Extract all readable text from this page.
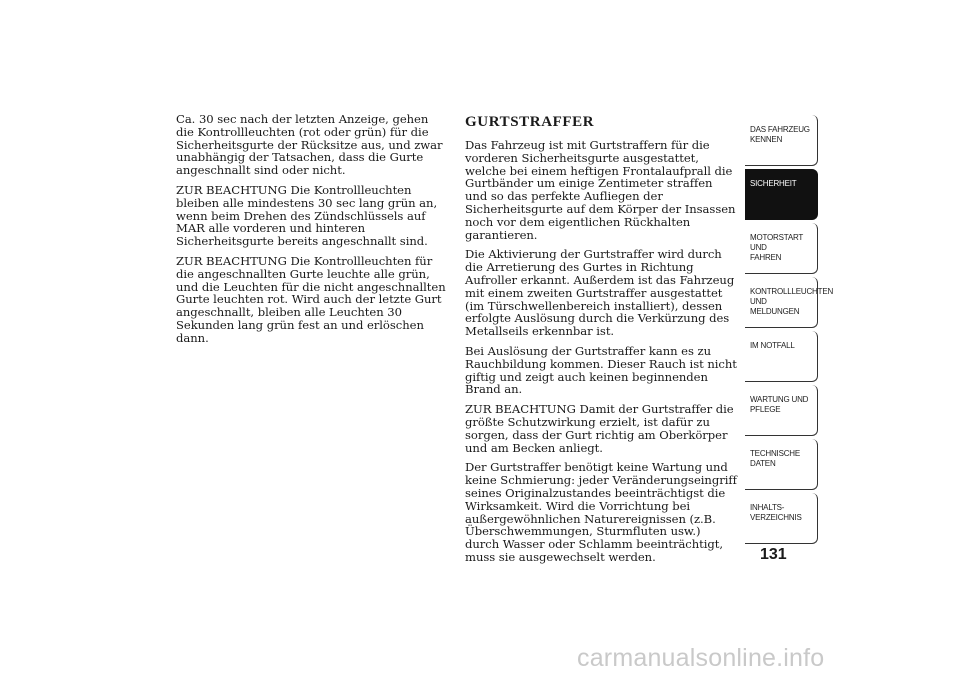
Ca. 30 sec nach der letzten Anzeige, gehen die Kontrollleuchten (rot oder grün) für die Sicherheitsgurte der Rücksitze aus, und zwar unabhängig der Tatsachen, dass die Gurte angeschnallt sind oder nicht.

ZUR BEACHTUNG Die Kontrollleuchten bleiben alle mindestens 30 sec lang grün an, wenn beim Drehen des Zündschlüssels auf MAR alle vorderen und hinteren Sicherheitsgurte bereits angeschnallt sind.

ZUR BEACHTUNG Die Kontrollleuchten für die angeschnallten Gurte leuchte alle grün, und die Leuchten für die nicht angeschnallten Gurte leuchten rot. Wird auch der letzte Gurt angeschnallt, bleiben alle Leuchten 30 Sekunden lang grün fest an und erlöschen dann.

GURTSTRAFFER

Das Fahrzeug ist mit Gurtstraffern für die vorderen Sicherheitsgurte ausgestattet, welche bei einem heftigen Frontalaufprall die Gurtbänder um einige Zentimeter straffen und so das perfekte Aufliegen der Sicherheitsgurte auf dem Körper der Insassen noch vor dem eigentlichen Rückhalten garantieren.

Die Aktivierung der Gurtstraffer wird durch die Arretierung des Gurtes in Richtung Aufroller erkannt. Außerdem ist das Fahrzeug mit einem zweiten Gurtstraffer ausgestattet (im Türschwellenbereich installiert), dessen erfolgte Auslösung durch die Verkürzung des Metallseils erkennbar ist.

Bei Auslösung der Gurtstraffer kann es zu Rauchbildung kommen. Dieser Rauch ist nicht giftig und zeigt auch keinen beginnenden Brand an.

ZUR BEACHTUNG Damit der Gurtstraffer die größte Schutzwirkung erzielt, ist dafür zu sorgen, dass der Gurt richtig am Oberkörper und am Becken anliegt.

Der Gurtstraffer benötigt keine Wartung und keine Schmierung: jeder Veränderungseingriff seines Originalzustandes beeinträchtigst die Wirksamkeit. Wird die Vorrichtung bei außergewöhnlichen Naturereignissen (z.B. Überschwemmungen, Sturmfluten usw.) durch Wasser oder Schlamm beeinträchtigt, muss sie ausgewechselt werden.

DAS FAHRZEUG
KENNEN
SICHERHEIT
MOTORSTART UND
FAHREN
KONTROLLLEUCHTEN
UND MELDUNGEN
IM NOTFALL
WARTUNG UND
PFLEGE
TECHNISCHE
DATEN
INHALTS-
VERZEICHNIS
131
carmanualsonline.info
